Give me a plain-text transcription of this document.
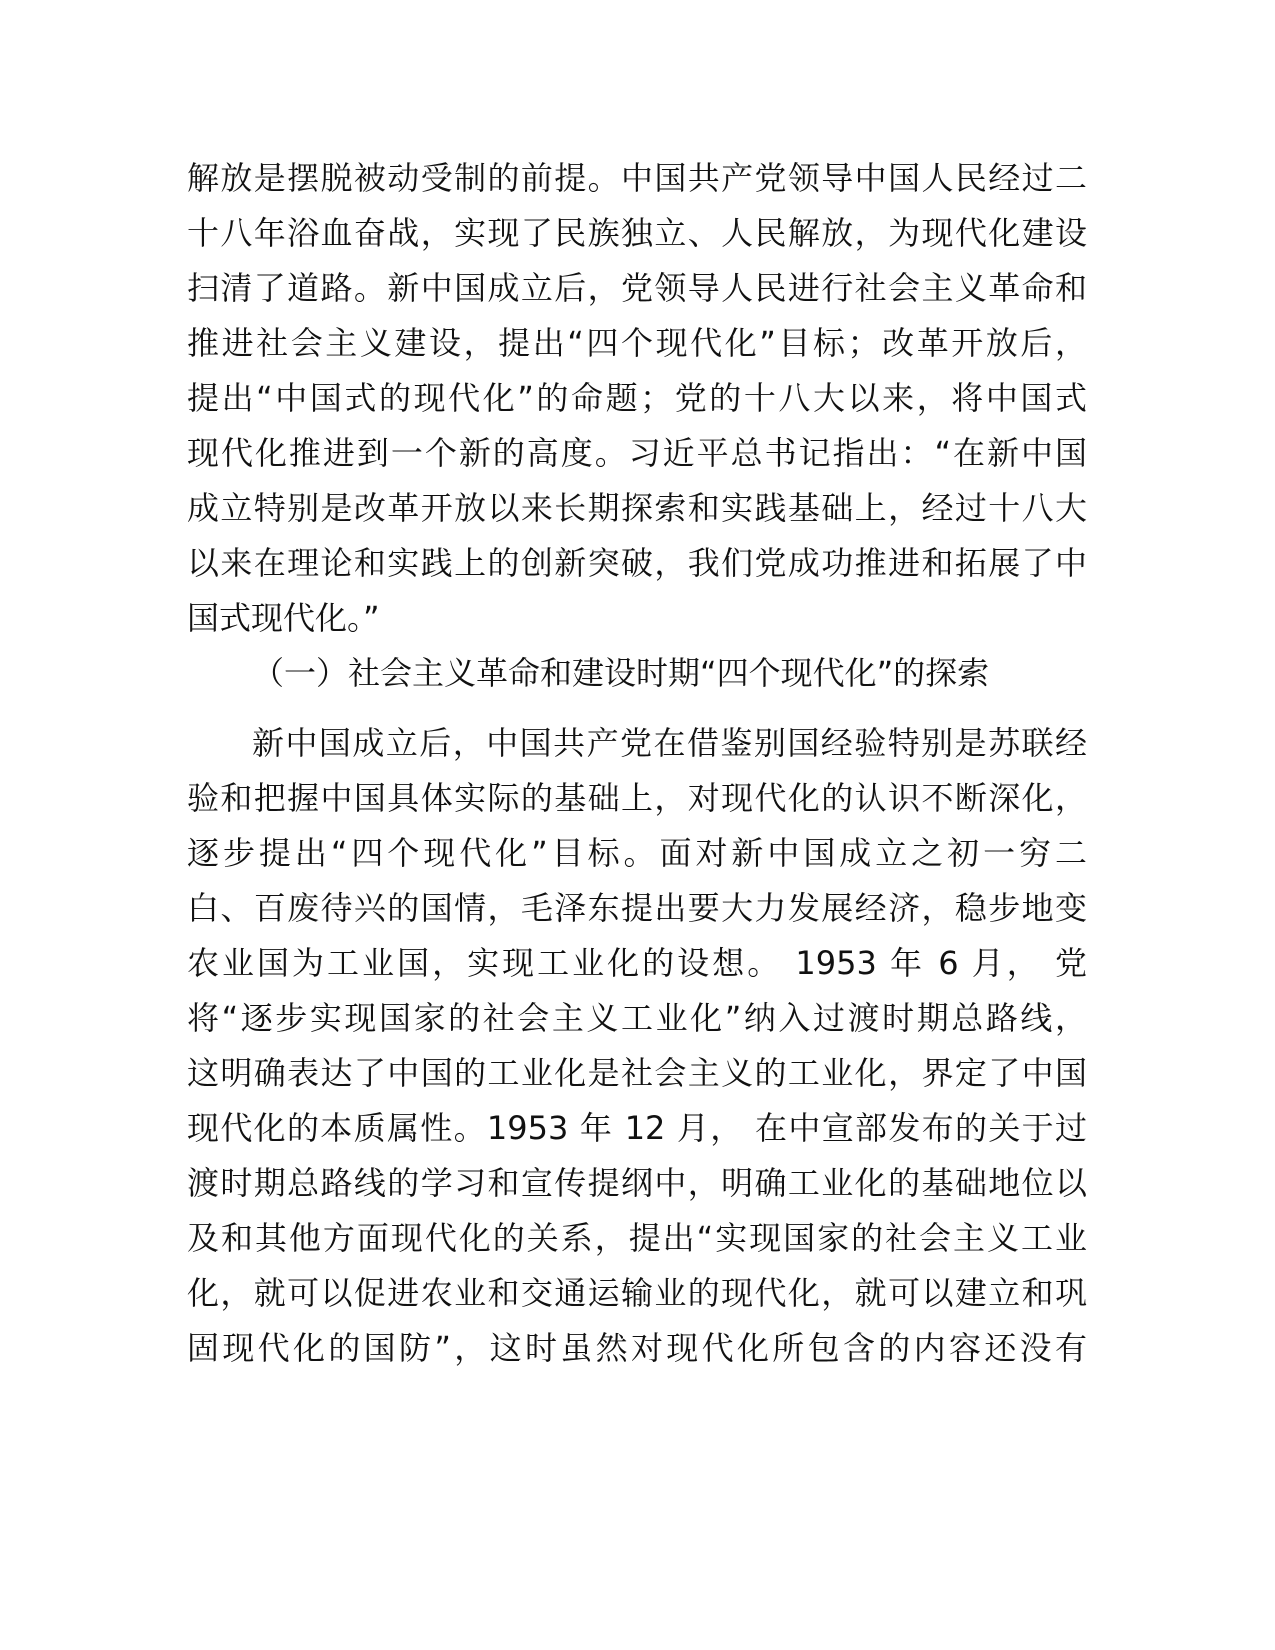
解放是摆脱被动受制的前提。中国共产党领导中国人民经过二
十八年浴血奋战，实现了民族独立、人民解放，为现代化建设
扫清了道路。新中国成立后，党领导人民进行社会主义革命和
推进社会主义建设，提出“四个现代化”目标；改革开放后，
提出“中国式的现代化”的命题；党的十八大以来，将中国式
现代化推进到一个新的高度。习近平总书记指出：“在新中国
成立特别是改革开放以来长期探索和实践基础上，经过十八大
以来在理论和实践上的创新突破，我们党成功推进和拓展了中
国式现代化。”
（一）社会主义革命和建设时期“四个现代化”的探索
新中国成立后，中国共产党在借鉴别国经验特别是苏联经
验和把握中国具体实际的基础上，对现代化的认识不断深化，
逐步提出“四个现代化”目标。面对新中国成立之初一穷二
白、百废待兴的国情，毛泽东提出要大力发展经济，稳步地变
农业国为工业国，实现工业化的设想。 1953 年 6 月， 党
将“逐步实现国家的社会主义工业化”纳入过渡时期总路线，
这明确表达了中国的工业化是社会主义的工业化，界定了中国
现代化的本质属性。1953 年 12 月， 在中宣部发布的关于过
渡时期总路线的学习和宣传提纲中，明确工业化的基础地位以
及和其他方面现代化的关系，提出“实现国家的社会主义工业
化，就可以促进农业和交通运输业的现代化，就可以建立和巩
固现代化的国防”，这时虽然对现代化所包含的内容还没有
